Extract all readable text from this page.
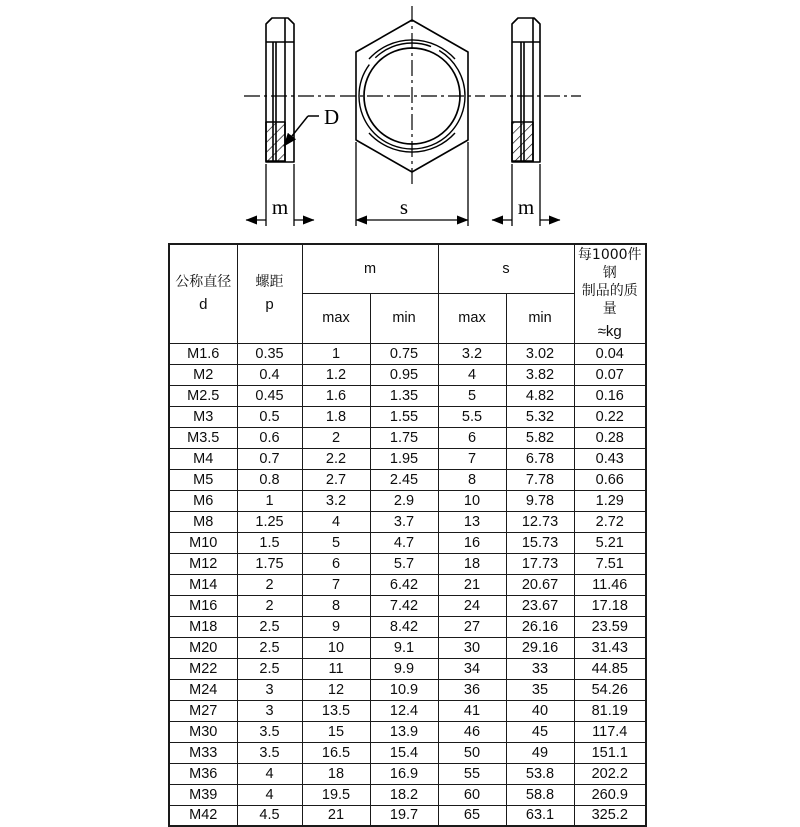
D
s
m	m
公称直径
d	螺距
p	m		s		每1000件钢
制品的质量
≈kg

		max	min	max	min	
M1.6	0.35	1	0.75	3.2	3.02	0.04
M2	0.4	1.2	0.95	4	3.82	0.07
M2.5	0.45	1.6	1.35	5	4.82	0.16
M3	0.5	1.8	1.55	5.5	5.32	0.22
M3.5	0.6	2	1.75	6	5.82	0.28
M4	0.7	2.2	1.95	7	6.78	0.43
M5	0.8	2.7	2.45	8	7.78	0.66
M6	1	3.2	2.9	10	9.78	1.29
M8	1.25	4	3.7	13	12.73	2.72
M10	1.5	5	4.7	16	15.73	5.21
M12	1.75	6	5.7	18	17.73	7.51
M14	2	7	6.42	21	20.67	11.46
M16	2	8	7.42	24	23.67	17.18
M18	2.5	9	8.42	27	26.16	23.59
M20	2.5	10	9.1	30	29.16	31.43
M22	2.5	11	9.9	34	33	44.85
M24	3	12	10.9	36	35	54.26
M27	3	13.5	12.4	41	40	81.19
M30	3.5	15	13.9	46	45	117.4
M33	3.5	16.5	15.4	50	49	151.1
M36	4	18	16.9	55	53.8	202.2
M39	4	19.5	18.2	60	58.8	260.9
M42	4.5	21	19.7	65	63.1	325.2
